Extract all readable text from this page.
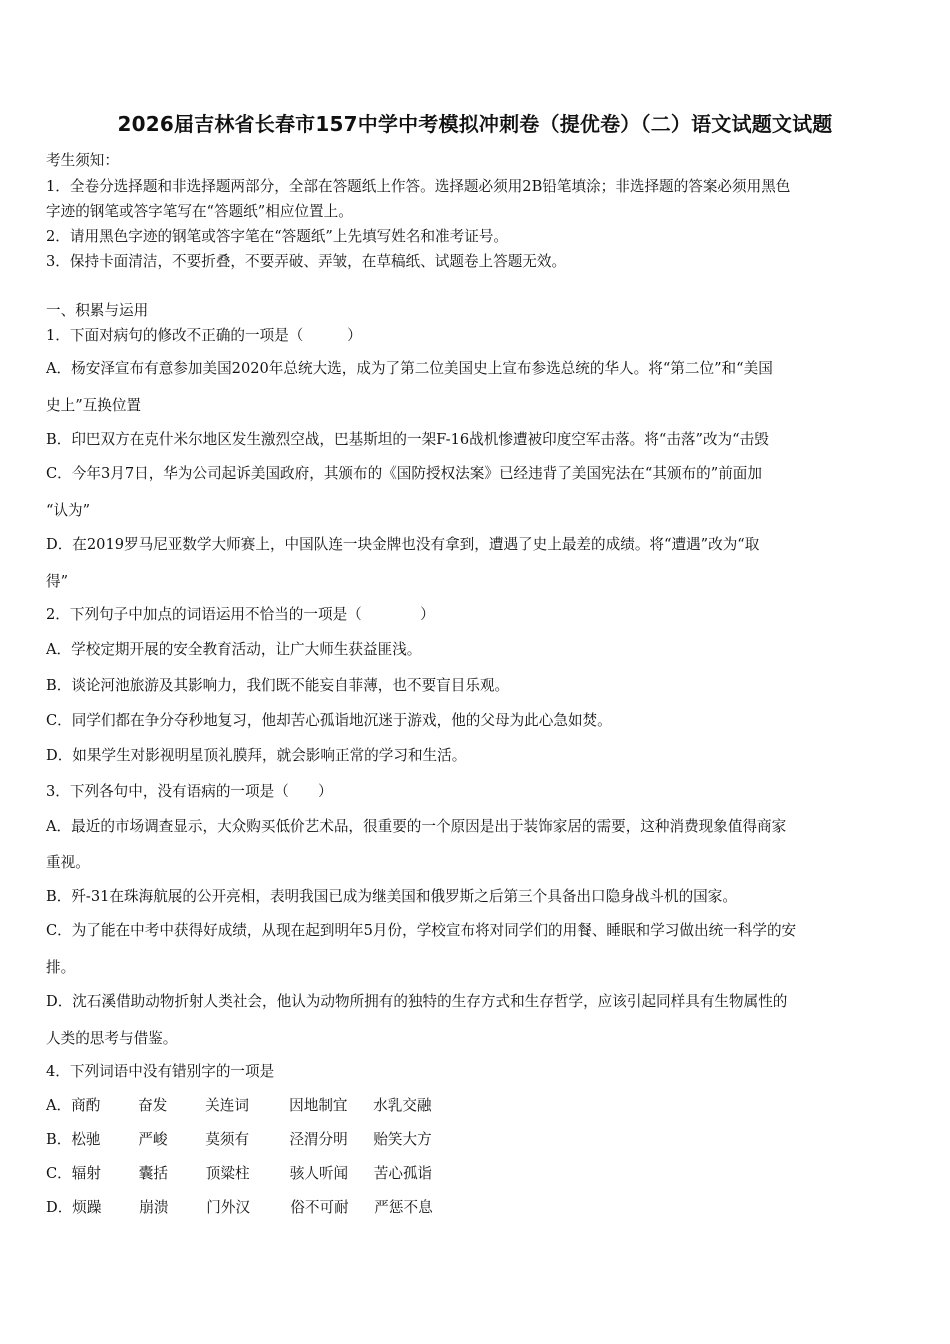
2026届吉林省长春市157中学中考模拟冲刺卷（提优卷）（二）语文试题文试题
考生须知：
1．全卷分选择题和非选择题两部分，全部在答题纸上作答。选择题必须用2B铅笔填涂；非选择题的答案必须用黑色
字迹的钢笔或答字笔写在“答题纸”相应位置上。
2．请用黑色字迹的钢笔或答字笔在“答题纸”上先填写姓名和准考证号。
3．保持卡面清洁，不要折叠，不要弄破、弄皱，在草稿纸、试题卷上答题无效。
一、积累与运用
1．下面对病句的修改不正确的一项是（　　　）
A．杨安泽宣布有意参加美国2020年总统大选，成为了第二位美国史上宣布参选总统的华人。将“第二位”和“美国
史上”互换位置
B．印巴双方在克什米尔地区发生激烈空战，巴基斯坦的一架F-16战机惨遭被印度空军击落。将“击落”改为“击毁
C．今年3月7日，华为公司起诉美国政府，其颁布的《国防授权法案》已经违背了美国宪法在“其颁布的”前面加
“认为”
D．在2019罗马尼亚数学大师赛上，中国队连一块金牌也没有拿到，遭遇了史上最差的成绩。将“遭遇”改为“取
得”
2．下列句子中加点的词语运用不恰当的一项是（　　　　）
A．学校定期开展的安全教育活动，让广大师生获益匪浅。
B．谈论河池旅游及其影响力，我们既不能妄自菲薄，也不要盲目乐观。
C．同学们都在争分夺秒地复习，他却苦心孤诣地沉迷于游戏，他的父母为此心急如焚。
D．如果学生对影视明星顶礼膜拜，就会影响正常的学习和生活。
3．下列各句中，没有语病的一项是（　　）
A．最近的市场调查显示，大众购买低价艺术品，很重要的一个原因是出于装饰家居的需要，这种消费现象值得商家
重视。
B．歼-31在珠海航展的公开亮相，表明我国已成为继美国和俄罗斯之后第三个具备出口隐身战斗机的国家。
C．为了能在中考中获得好成绩，从现在起到明年5月份，学校宣布将对同学们的用餐、睡眠和学习做出统一科学的安
排。
D．沈石溪借助动物折射人类社会，他认为动物所拥有的独特的生存方式和生存哲学，应该引起同样具有生物属性的
人类的思考与借鉴。
4．下列词语中没有错别字的一项是
A．商酌	奋发	关连词	因地制宜 水乳交融
B．松驰	严峻	莫须有	泾渭分明 贻笑大方
C．辐射	囊括	顶粱柱	骇人听闻 苦心孤诣
D．烦躁	崩溃	门外汉	俗不可耐 严惩不息
